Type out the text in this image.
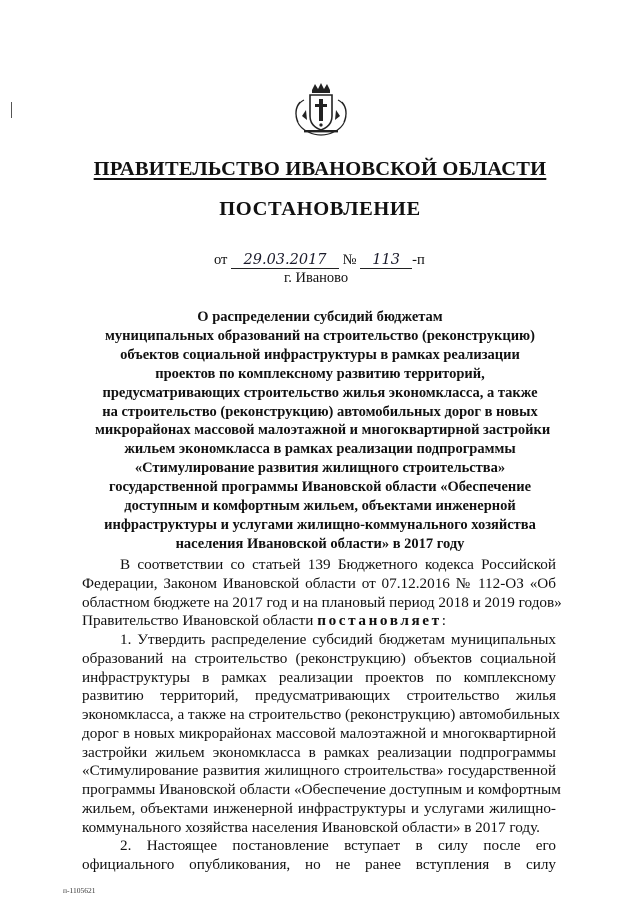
ПРАВИТЕЛЬСТВО ИВАНОВСКОЙ ОБЛАСТИ
ПОСТАНОВЛЕНИЕ
от 29.03.2017 № 113 -п
г. Иваново
О распределении субсидий бюджетам
муниципальных образований на строительство (реконструкцию)
объектов социальной инфраструктуры в рамках реализации
проектов по комплексному развитию территорий,
предусматривающих строительство жилья экономкласса, а также
на строительство (реконструкцию) автомобильных дорог в новых
микрорайонах массовой малоэтажной и многоквартирной застройки
жильем экономкласса в рамках реализации подпрограммы
«Стимулирование развития жилищного строительства»
государственной программы Ивановской области «Обеспечение
доступным и комфортным жильем, объектами инженерной
инфраструктуры и услугами жилищно-коммунального хозяйства
населения Ивановской области» в 2017 году
В соответствии со статьей 139 Бюджетного кодекса Российской
Федерации, Законом Ивановской области от 07.12.2016 № 112-ОЗ «Об
областном бюджете на 2017 год и на плановый период 2018 и 2019 годов»
Правительство Ивановской области постановляет:
1. Утвердить распределение субсидий бюджетам муниципальных
образований на строительство (реконструкцию) объектов социальной
инфраструктуры в рамках реализации проектов по комплексному
развитию территорий, предусматривающих строительство жилья
экономкласса, а также на строительство (реконструкцию) автомобильных
дорог в новых микрорайонах массовой малоэтажной и многоквартирной
застройки жильем экономкласса в рамках реализации подпрограммы
«Стимулирование развития жилищного строительства» государственной
программы Ивановской области «Обеспечение доступным и комфортным
жильем, объектами инженерной инфраструктуры и услугами жилищно-
коммунального хозяйства населения Ивановской области» в 2017 году.
2. Настоящее постановление вступает в силу после его
официального опубликования, но не ранее вступления в силу
п-1105621
